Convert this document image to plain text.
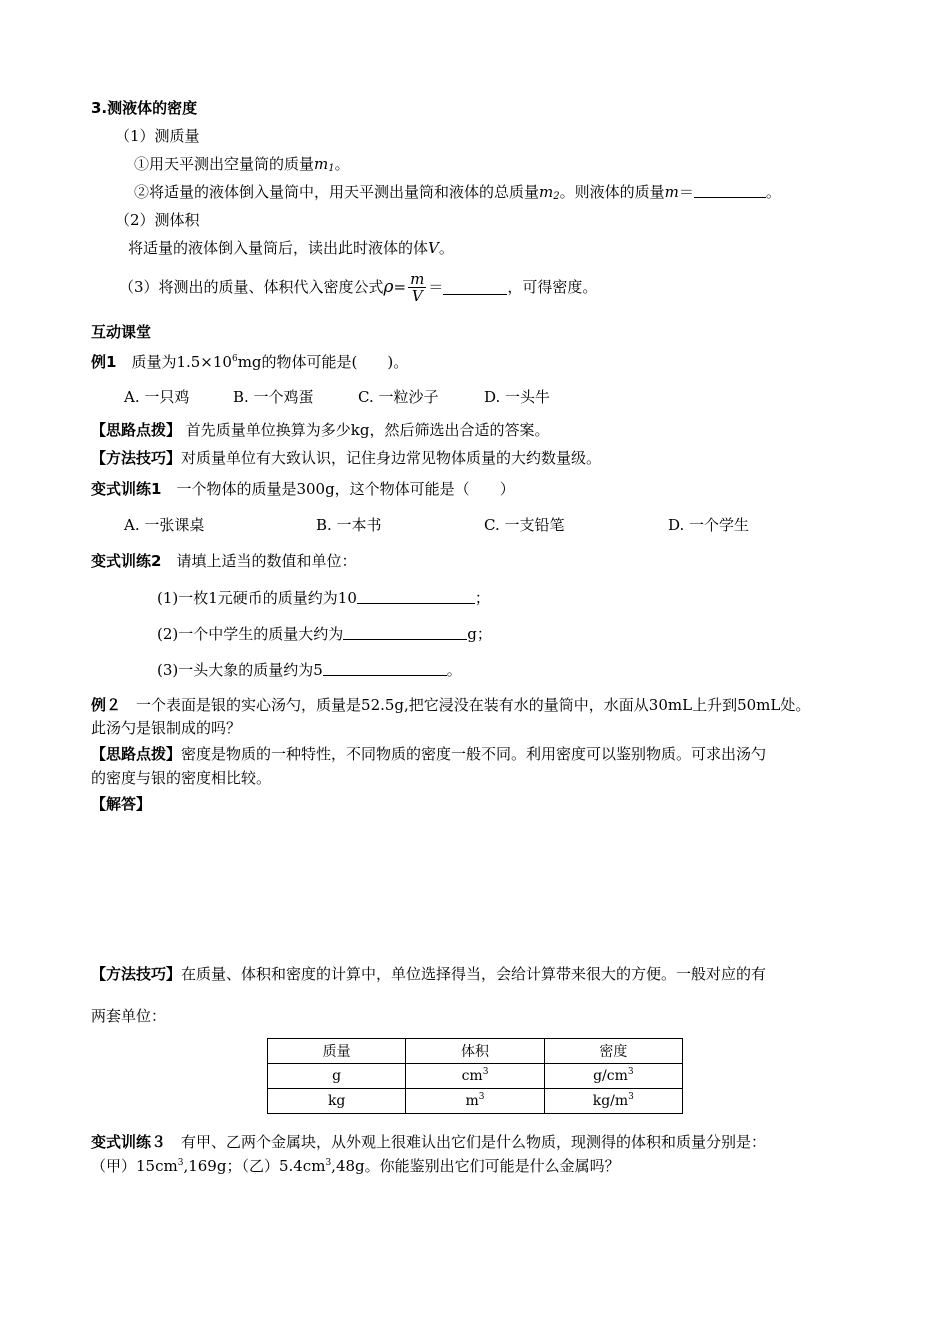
3.测液体的密度
（1）测质量
①用天平测出空量筒的质量$m_1$。
②将适量的液体倒入量筒中，用天平测出量筒和液体的总质量$m_2$。则液体的质量m＝	。
（2）测体积
将适量的液体倒入量筒后，读出此时液体的体V。
（3）将测出的质量、体积代入密度公式 $\rho = \frac{m}{V}$ ＝	，可得密度。
互动课堂
例1　 质量为$1.5\times 10^6mg$的物体可能是(　　)。
A. 一只鸡	B. 一个鸡蛋	C. 一粒沙子	D. 一头牛
【思路点拨】 首先质量单位换算为多少kg，然后筛选出合适的答案。
【方法技巧】对质量单位有大致认识，记住身边常见物体质量的大约数量级。
变式训练1　 一个物体的质量是300g，这个物体可能是（　　）
A. 一张课桌	B. 一本书	C. 一支铅笔	D. 一个学生
变式训练2　 请填上适当的数值和单位：
(1)一枚1元硬币的质量约为10	；
(2)一个中学生的质量大约为	g；
(3)一头大象的质量约为5	。
例２　 一个表面是银的实心汤勺，质量是52.5g,把它浸没在装有水的量筒中，水面从30mL上升到50mL处。
此汤勺是银制成的吗？
【思路点拨】密度是物质的一种特性，不同物质的密度一般不同。利用密度可以鉴别物质。可求出汤勺
的密度与银的密度相比较。
【解答】
【方法技巧】在质量、体积和密度的计算中，单位选择得当，会给计算带来很大的方便。一般对应的有
两套单位：
质量	体积	密度
g	$cm^3$	$g/cm^3$
kg	$m^3$	$kg/m^3$
变式训练３　 有甲、乙两个金属块，从外观上很难认出它们是什么物质，现测得的体积和质量分别是：
（甲）$15cm^3,169g$；（乙）$5.4cm^3,48g$。你能鉴别出它们可能是什么金属吗？
